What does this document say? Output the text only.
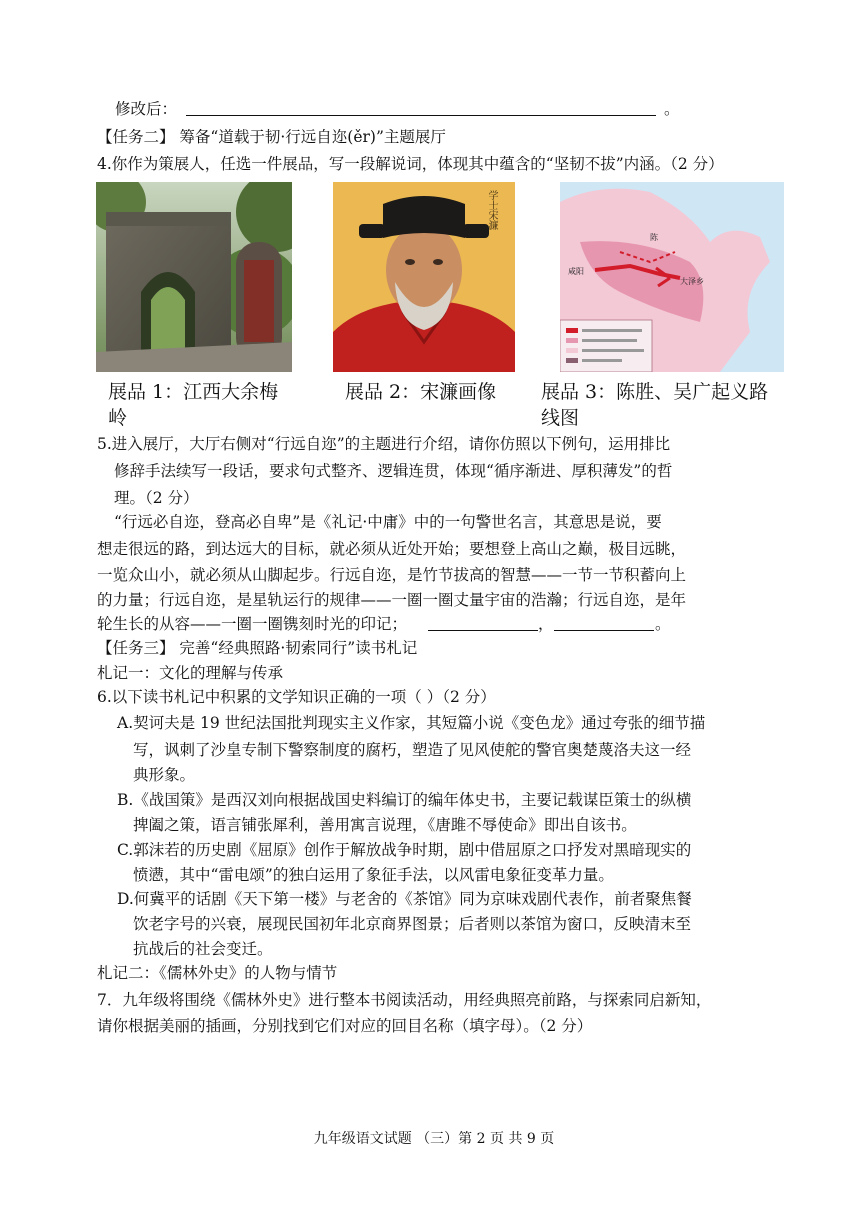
修改后：	。
【任务二】 筹备“道载于韧·行远自迩(ěr)”主题展厅
4.你作为策展人，任选一件展品，写一段解说词，体现其中蕴含的“坚韧不拔”内涵。（2 分）
学士宋濂
咸阳
大泽乡
陈
展品 1：江西大余梅
岭
展品 2：宋濂画像 展品 3：陈胜、吴广起义路
线图
5.进入展厅，大厅右侧对“行远自迩”的主题进行介绍，请你仿照以下例句，运用排比
修辞手法续写一段话，要求句式整齐、逻辑连贯，体现“循序渐进、厚积薄发”的哲
理。（2 分）
“行远必自迩，登高必自卑”是《礼记·中庸》中的一句警世名言，其意思是说，要
想走很远的路，到达远大的目标，就必须从近处开始；要想登上高山之巅，极目远眺，
一览众山小，就必须从山脚起步。行远自迩，是竹节拔高的智慧——一节一节积蓄向上
的力量；行远自迩，是星轨运行的规律——一圈一圈丈量宇宙的浩瀚；行远自迩，是年
轮生长的从容——一圈一圈镌刻时光的印记；	，	。
【任务三】 完善“经典照路·韧索同行”读书札记
札记一：文化的理解与传承
6.以下读书札记中积累的文学知识正确的一项（ ）（2 分）
A.契诃夫是 19 世纪法国批判现实主义作家，其短篇小说《变色龙》通过夸张的细节描
写，讽刺了沙皇专制下警察制度的腐朽，塑造了见风使舵的警官奥楚蔑洛夫这一经
典形象。
B.《战国策》是西汉刘向根据战国史料编订的编年体史书，主要记载谋臣策士的纵横
捭阖之策，语言铺张犀利，善用寓言说理，《唐雎不辱使命》即出自该书。
C.郭沫若的历史剧《屈原》创作于解放战争时期，剧中借屈原之口抒发对黑暗现实的
愤懑，其中“雷电颂”的独白运用了象征手法，以风雷电象征变革力量。
D.何冀平的话剧《天下第一楼》与老舍的《茶馆》同为京味戏剧代表作，前者聚焦餐
饮老字号的兴衰，展现民国初年北京商界图景；后者则以茶馆为窗口，反映清末至
抗战后的社会变迁。
札记二：《儒林外史》的人物与情节
7．九年级将围绕《儒林外史》进行整本书阅读活动，用经典照亮前路，与探索同启新知，
请你根据美丽的插画，分别找到它们对应的回目名称（填字母）。（2 分）
九年级语文试题 （三）第 2 页 共 9 页
